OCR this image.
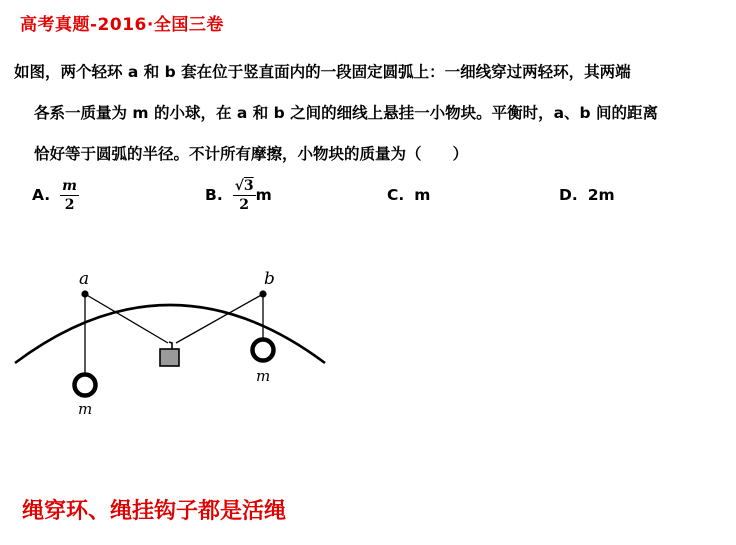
高考真题-2016·全国三卷
如图，两个轻环 a 和 b 套在位于竖直面内的一段固定圆弧上：一细线穿过两轻环，其两端
各系一质量为 m 的小球，在 a 和 b 之间的细线上悬挂一小物块。平衡时，a、b 间的距离
恰好等于圆弧的半径。不计所有摩擦，小物块的质量为（　　）
A. $\frac{m}{2}$	B. $\frac{√3}{2}$ m	C. m	D. 2m
a	b
m
m
绳穿环、绳挂钩子都是活绳
